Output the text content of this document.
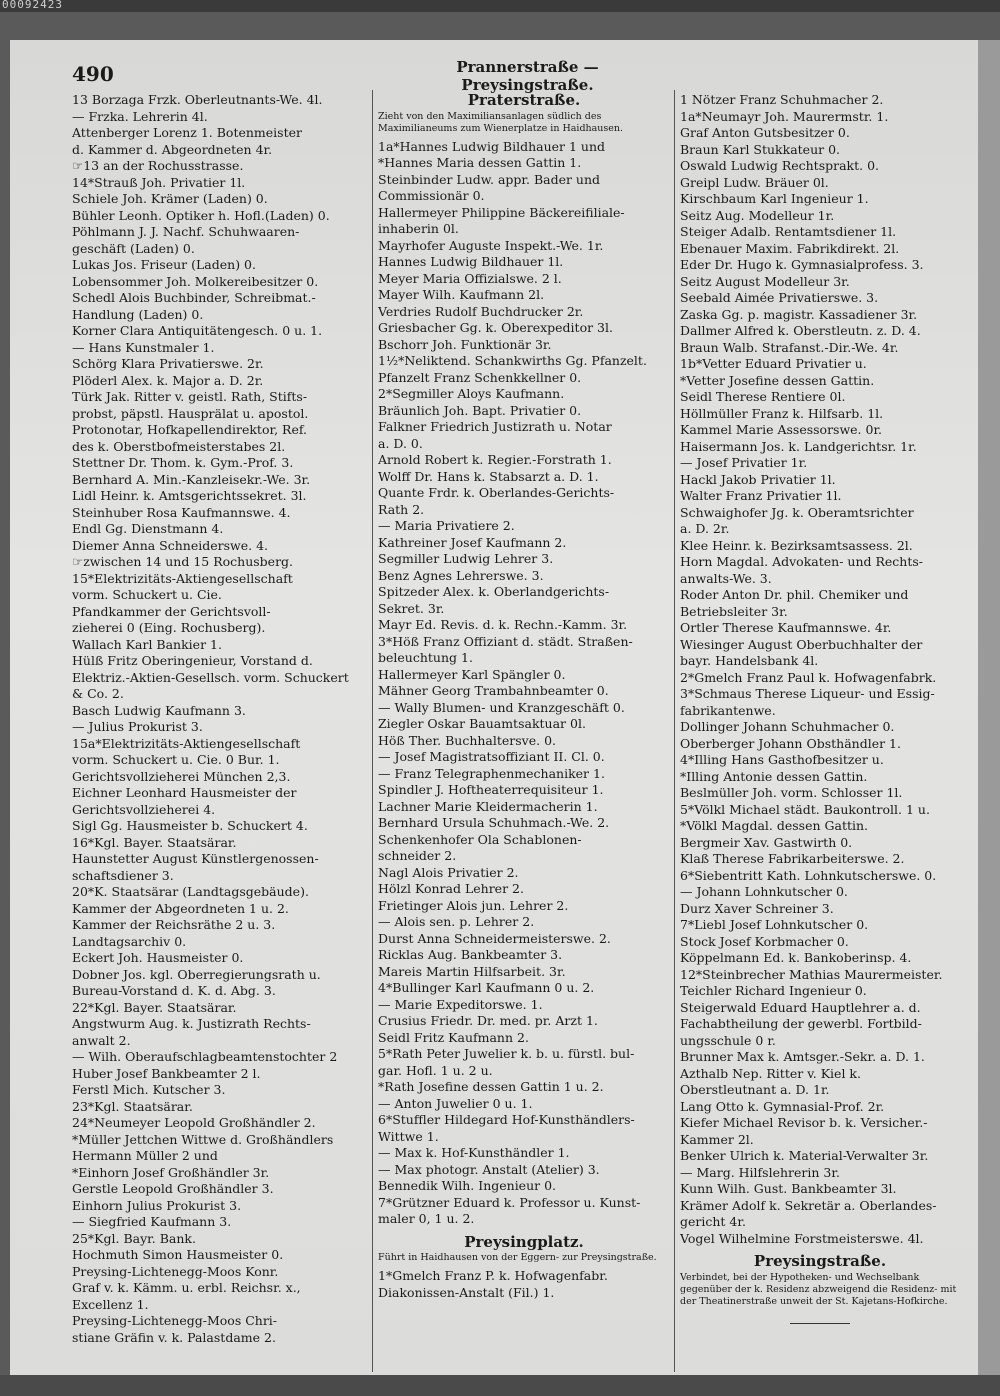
00092423
490	Prannerstraße — Preysingstraße.
13 Borzaga Frzk. Oberleutnants-We. 4l.
— Frzka. Lehrerin 4l.
Attenberger Lorenz 1. Botenmeister
d. Kammer d. Abgeordneten 4r.
☞13 an der Rochusstrasse.
14*Strauß Joh. Privatier 1l.
Schiele Joh. Krämer (Laden) 0.
Bühler Leonh. Optiker h. Hofl.(Laden) 0.
Pöhlmann J. J. Nachf. Schuhwaaren-
geschäft (Laden) 0.
Lukas Jos. Friseur (Laden) 0.
Lobensommer Joh. Molkereibesitzer 0.
Schedl Alois Buchbinder, Schreibmat.-
Handlung (Laden) 0.
Korner Clara Antiquitätengesch. 0 u. 1.
— Hans Kunstmaler 1.
Schörg Klara Privatierswe. 2r.
Plöderl Alex. k. Major a. D. 2r.
Türk Jak. Ritter v. geistl. Rath, Stifts-
probst, päpstl. Hausprälat u. apostol.
Protonotar, Hofkapellendirektor, Ref.
des k. Oberstbofmeisterstabes 2l.
Stettner Dr. Thom. k. Gym.-Prof. 3.
Bernhard A. Min.-Kanzleisekr.-We. 3r.
Lidl Heinr. k. Amtsgerichtssekret. 3l.
Steinhuber Rosa Kaufmannswe. 4.
Endl Gg. Dienstmann 4.
Diemer Anna Schneiderswe. 4.
☞zwischen 14 und 15 Rochusberg.
15*Elektrizitäts-Aktiengesellschaft
vorm. Schuckert u. Cie.
Pfandkammer der Gerichtsvoll-
zieherei 0 (Eing. Rochusberg).
Wallach Karl Bankier 1.
Hülß Fritz Oberingenieur, Vorstand d.
Elektriz.-Aktien-Gesellsch. vorm. Schuckert
& Co. 2.
Basch Ludwig Kaufmann 3.
— Julius Prokurist 3.
15a*Elektrizitäts-Aktiengesellschaft
vorm. Schuckert u. Cie. 0 Bur. 1.
Gerichtsvollzieherei München 2,3.
Eichner Leonhard Hausmeister der
Gerichtsvollzieherei 4.
Sigl Gg. Hausmeister b. Schuckert 4.
16*Kgl. Bayer. Staatsärar.
Haunstetter August Künstlergenossen-
schaftsdiener 3.
20*K. Staatsärar (Landtagsgebäude).
Kammer der Abgeordneten 1 u. 2.
Kammer der Reichsräthe 2 u. 3.
Landtagsarchiv 0.
Eckert Joh. Hausmeister 0.
Dobner Jos. kgl. Oberregierungsrath u.
Bureau-Vorstand d. K. d. Abg. 3.
22*Kgl. Bayer. Staatsärar.
Angstwurm Aug. k. Justizrath Rechts-
anwalt 2.
— Wilh. Oberaufschlagbeamtenstochter 2
Huber Josef Bankbeamter 2 l.
Ferstl Mich. Kutscher 3.
23*Kgl. Staatsärar.
24*Neumeyer Leopold Großhändler 2.
*Müller Jettchen Wittwe d. Großhändlers
Hermann Müller 2 und
*Einhorn Josef Großhändler 3r.
Gerstle Leopold Großhändler 3.
Einhorn Julius Prokurist 3.
— Siegfried Kaufmann 3.
25*Kgl. Bayr. Bank.
Hochmuth Simon Hausmeister 0.
Preysing-Lichtenegg-Moos Konr.
Graf v. k. Kämm. u. erbl. Reichsr. x.,
Excellenz 1.
Preysing-Lichtenegg-Moos Chri-
stiane Gräfin v. k. Palastdame 2.
Praterstraße.
Zieht von den Maximiliansanlagen südlich des Maximilianeums zum Wienerplatze in Haidhausen.
1a*Hannes Ludwig Bildhauer 1 und
*Hannes Maria dessen Gattin 1.
Steinbinder Ludw. appr. Bader und
Commissionär 0.
Hallermeyer Philippine Bäckereifiliale-
inhaberin 0l.
Mayrhofer Auguste Inspekt.-We. 1r.
Hannes Ludwig Bildhauer 1l.
Meyer Maria Offizialswe. 2 l.
Mayer Wilh. Kaufmann 2l.
Verdries Rudolf Buchdrucker 2r.
Griesbacher Gg. k. Oberexpeditor 3l.
Bschorr Joh. Funktionär 3r.
1½*Neliktend. Schankwirths Gg. Pfanzelt.
Pfanzelt Franz Schenkkellner 0.
2*Segmiller Aloys Kaufmann.
Bräunlich Joh. Bapt. Privatier 0.
Falkner Friedrich Justizrath u. Notar
a. D. 0.
Arnold Robert k. Regier.-Forstrath 1.
Wolff Dr. Hans k. Stabsarzt a. D. 1.
Quante Frdr. k. Oberlandes-Gerichts-
Rath 2.
— Maria Privatiere 2.
Kathreiner Josef Kaufmann 2.
Segmiller Ludwig Lehrer 3.
Benz Agnes Lehrerswe. 3.
Spitzeder Alex. k. Oberlandgerichts-
Sekret. 3r.
Mayr Ed. Revis. d. k. Rechn.-Kamm. 3r.
3*Höß Franz Offiziant d. städt. Straßen-
beleuchtung 1.
Hallermeyer Karl Spängler 0.
Mähner Georg Trambahnbeamter 0.
— Wally Blumen- und Kranzgeschäft 0.
Ziegler Oskar Bauamtsaktuar 0l.
Höß Ther. Buchhaltersve. 0.
— Josef Magistratsoffiziant II. Cl. 0.
— Franz Telegraphenmechaniker 1.
Spindler J. Hoftheaterrequisiteur 1.
Lachner Marie Kleidermacherin 1.
Bernhard Ursula Schuhmach.-We. 2.
Schenkenhofer Ola Schablonen-
schneider 2.
Nagl Alois Privatier 2.
Hölzl Konrad Lehrer 2.
Frietinger Alois jun. Lehrer 2.
— Alois sen. p. Lehrer 2.
Durst Anna Schneidermeisterswe. 2.
Ricklas Aug. Bankbeamter 3.
Mareis Martin Hilfsarbeit. 3r.
4*Bullinger Karl Kaufmann 0 u. 2.
— Marie Expeditorswe. 1.
Crusius Friedr. Dr. med. pr. Arzt 1.
Seidl Fritz Kaufmann 2.
5*Rath Peter Juwelier k. b. u. fürstl. bul-
gar. Hofl. 1 u. 2 u.
*Rath Josefine dessen Gattin 1 u. 2.
— Anton Juwelier 0 u. 1.
6*Stuffler Hildegard Hof-Kunsthändlers-
Wittwe 1.
— Max k. Hof-Kunsthändler 1.
— Max photogr. Anstalt (Atelier) 3.
Bennedik Wilh. Ingenieur 0.
7*Grützner Eduard k. Professor u. Kunst-
maler 0, 1 u. 2.
Preysingplatz.
Führt in Haidhausen von der Eggern- zur Preysingstraße.
1*Gmelch Franz P. k. Hofwagenfabr.
Diakonissen-Anstalt (Fil.) 1.
1 Nötzer Franz Schuhmacher 2.
1a*Neumayr Joh. Maurermstr. 1.
Graf Anton Gutsbesitzer 0.
Braun Karl Stukkateur 0.
Oswald Ludwig Rechtsprakt. 0.
Greipl Ludw. Bräuer 0l.
Kirschbaum Karl Ingenieur 1.
Seitz Aug. Modelleur 1r.
Steiger Adalb. Rentamtsdiener 1l.
Ebenauer Maxim. Fabrikdirekt. 2l.
Eder Dr. Hugo k. Gymnasialprofess. 3.
Seitz August Modelleur 3r.
Seebald Aimée Privatierswe. 3.
Zaska Gg. p. magistr. Kassadiener 3r.
Dallmer Alfred k. Oberstleutn. z. D. 4.
Braun Walb. Strafanst.-Dir.-We. 4r.
1b*Vetter Eduard Privatier u.
*Vetter Josefine dessen Gattin.
Seidl Therese Rentiere 0l.
Höllmüller Franz k. Hilfsarb. 1l.
Kammel Marie Assessorswe. 0r.
Haisermann Jos. k. Landgerichtsr. 1r.
— Josef Privatier 1r.
Hackl Jakob Privatier 1l.
Walter Franz Privatier 1l.
Schwaighofer Jg. k. Oberamtsrichter
a. D. 2r.
Klee Heinr. k. Bezirksamtsassess. 2l.
Horn Magdal. Advokaten- und Rechts-
anwalts-We. 3.
Roder Anton Dr. phil. Chemiker und
Betriebsleiter 3r.
Ortler Therese Kaufmannswe. 4r.
Wiesinger August Oberbuchhalter der
bayr. Handelsbank 4l.
2*Gmelch Franz Paul k. Hofwagenfabrk.
3*Schmaus Therese Liqueur- und Essig-
fabrikantenwe.
Dollinger Johann Schuhmacher 0.
Oberberger Johann Obsthändler 1.
4*Illing Hans Gasthofbesitzer u.
*Illing Antonie dessen Gattin.
Beslmüller Joh. vorm. Schlosser 1l.
5*Völkl Michael städt. Baukontroll. 1 u.
*Völkl Magdal. dessen Gattin.
Bergmeir Xav. Gastwirth 0.
Klaß Therese Fabrikarbeiterswe. 2.
6*Siebentritt Kath. Lohnkutscherswe. 0.
— Johann Lohnkutscher 0.
Durz Xaver Schreiner 3.
7*Liebl Josef Lohnkutscher 0.
Stock Josef Korbmacher 0.
Köppelmann Ed. k. Bankoberinsp. 4.
12*Steinbrecher Mathias Maurermeister.
Teichler Richard Ingenieur 0.
Steigerwald Eduard Hauptlehrer a. d.
Fachabtheilung der gewerbl. Fortbild-
ungsschule 0 r.
Brunner Max k. Amtsger.-Sekr. a. D. 1.
Azthalb Nep. Ritter v. Kiel k.
Oberstleutnant a. D. 1r.
Lang Otto k. Gymnasial-Prof. 2r.
Kiefer Michael Revisor b. k. Versicher.-
Kammer 2l.
Benker Ulrich k. Material-Verwalter 3r.
— Marg. Hilfslehrerin 3r.
Kunn Wilh. Gust. Bankbeamter 3l.
Krämer Adolf k. Sekretär a. Oberlandes-
gericht 4r.
Vogel Wilhelmine Forstmeisterswe. 4l.
Preysingstraße.
Verbindet, bei der Hypotheken- und Wechselbank gegenüber der k. Residenz abzweigend die Residenz- mit der Theatinerstraße unweit der St. Kajetans-Hofkirche.
